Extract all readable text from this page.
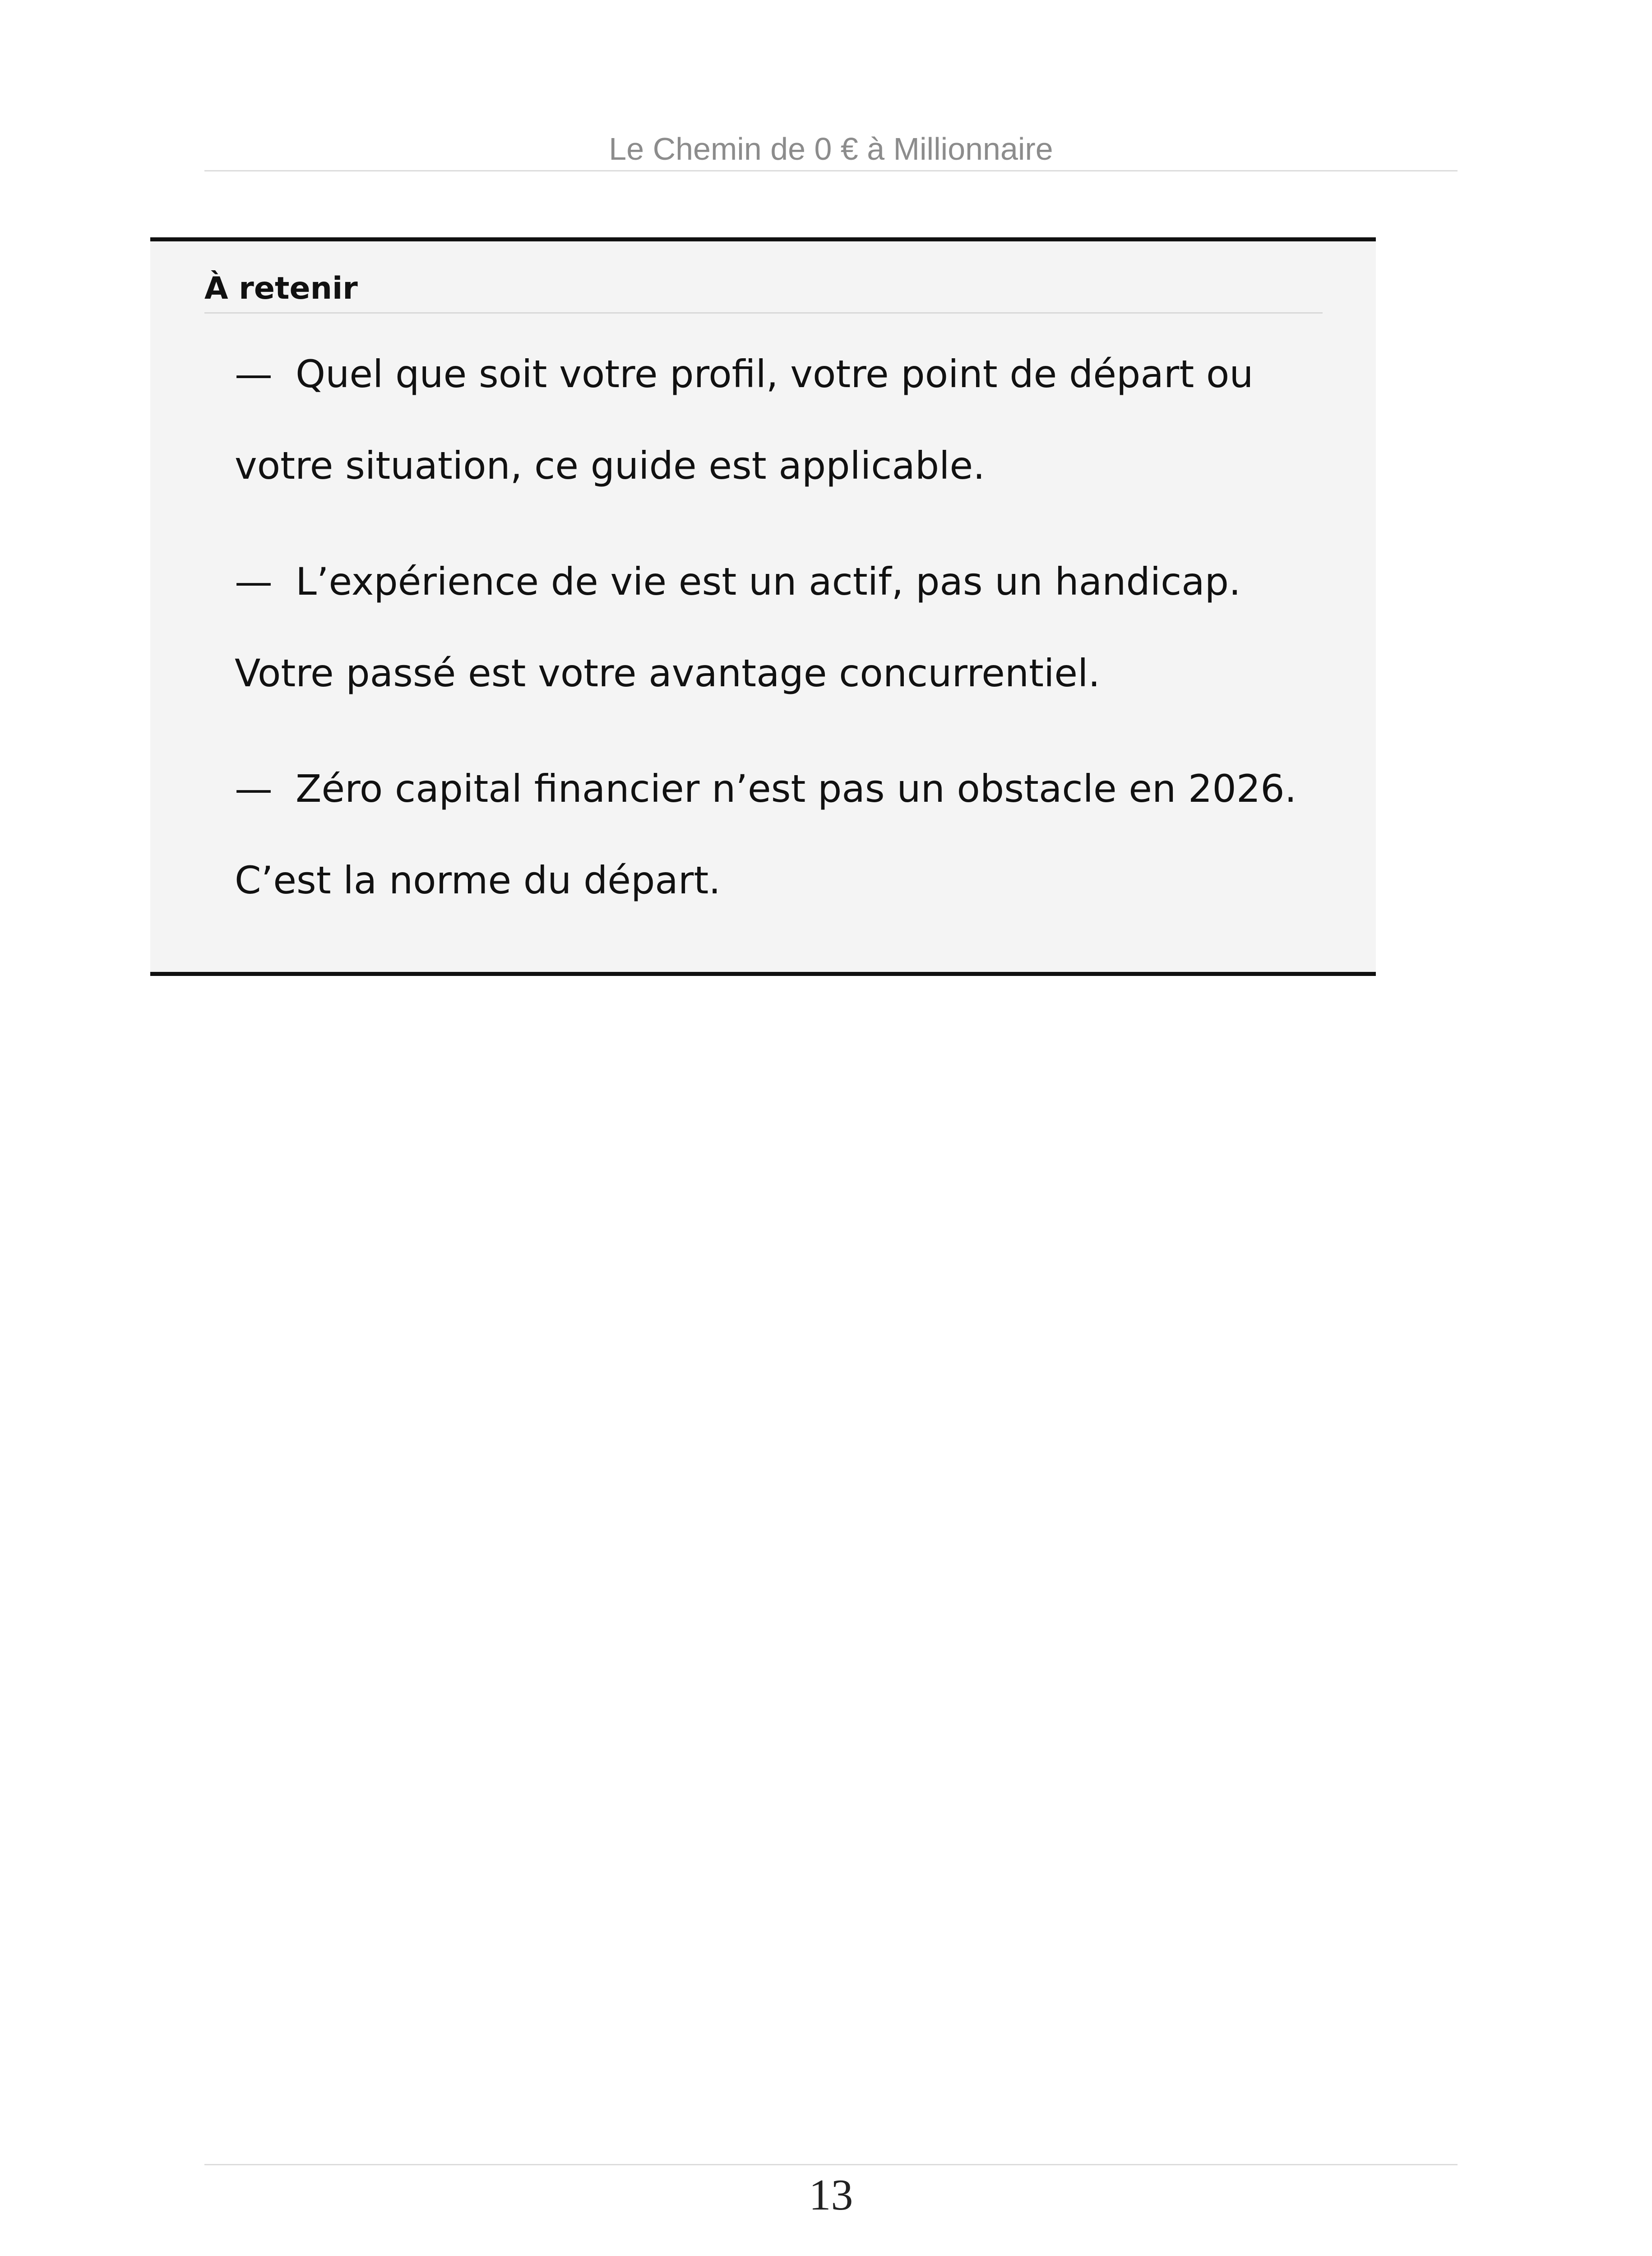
Le Chemin de 0 € à Millionnaire
À retenir

— Quel que soit votre profil, votre point de départ ou votre situation, ce guide est applicable.

— L’expérience de vie est un actif, pas un handicap. Votre passé est votre avantage concurrentiel.

— Zéro capital financier n’est pas un obstacle en 2026. C’est la norme du départ.

13
